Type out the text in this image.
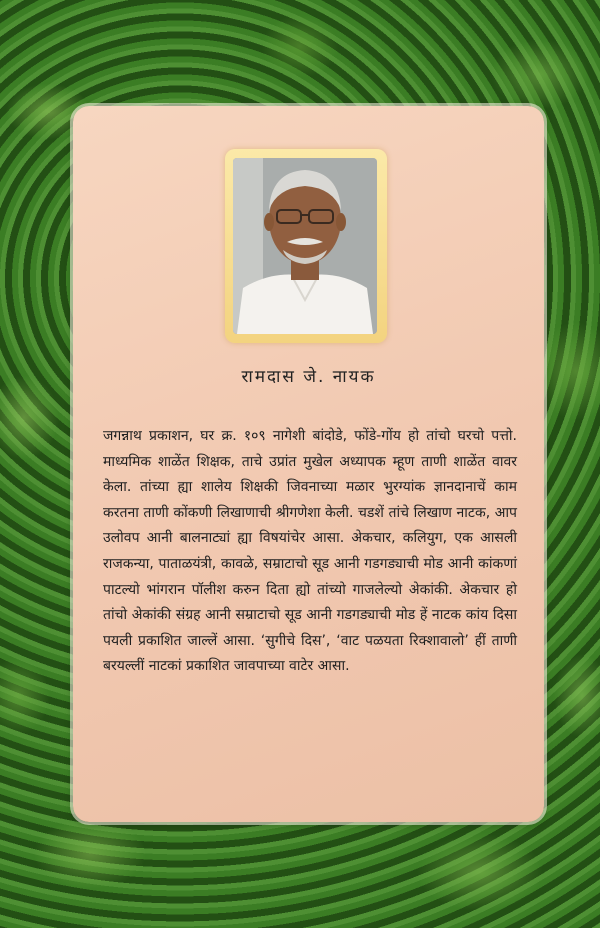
रामदास जे. नायक

जगन्नाथ प्रकाशन, घर क्र. १०९ नागेशी बांदोडे, फोंडे-गोंय हो तांचो घरचो पत्तो. माध्यमिक शाळेंत शिक्षक, ताचे उप्रांत मुखेल अध्यापक म्हूण ताणी शाळेंत वावर केला. तांच्या ह्या शालेय शिक्षकी जिवनाच्या मळार भुरग्यांक ज्ञानदानाचें काम करतना ताणी कोंकणी लिखाणाची श्रीगणेशा केली. चडशें तांचे लिखाण नाटक, आप उलोवप आनी बालनाट्यां ह्या विषयांचेर आसा. अेकचार, कलियुग, एक आसली राजकन्या, पाताळयंत्री, कावळे, सम्राटाचो सूड आनी गडगड्याची मोड आनी कांकणां पाटल्यो भांगरान पॉलीश करुन दिता ह्यो तांच्यो गाजलेल्यो अेकांकी. अेकचार हो तांचो अेकांकी संग्रह आनी सम्राटाचो सूड आनी गडगड्याची मोड हें नाटक कांय दिसा पयली प्रकाशित जाल्लें आसा. ‘सुगीचे दिस’, ‘वाट पळयता रिक्शावालो’ हीं ताणी बरयल्लीं नाटकां प्रकाशित जावपाच्या वाटेर आसा.
